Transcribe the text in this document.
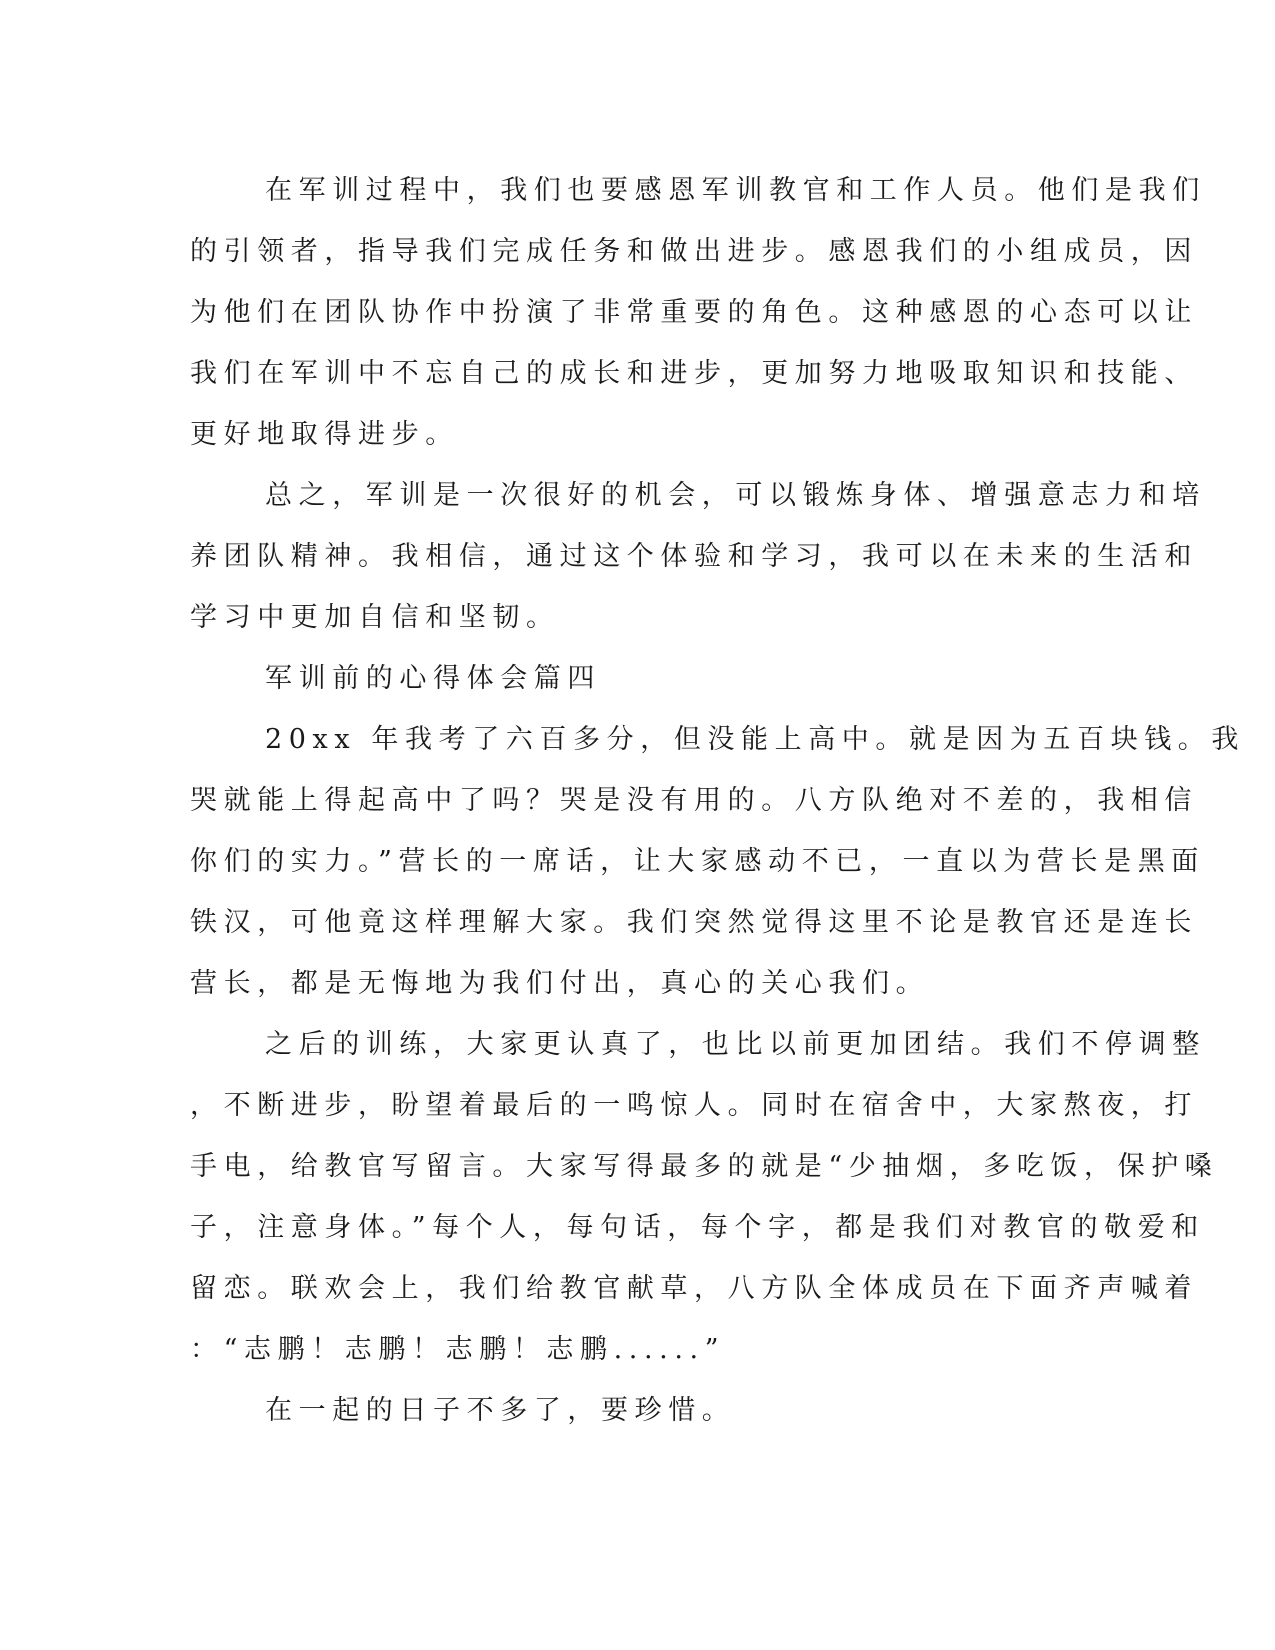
在军训过程中，我们也要感恩军训教官和工作人员。他们是我们
的引领者，指导我们完成任务和做出进步。感恩我们的小组成员，因
为他们在团队协作中扮演了非常重要的角色。这种感恩的心态可以让
我们在军训中不忘自己的成长和进步，更加努力地吸取知识和技能、
更好地取得进步。

总之，军训是一次很好的机会，可以锻炼身体、增强意志力和培
养团队精神。我相信，通过这个体验和学习，我可以在未来的生活和
学习中更加自信和坚韧。

军训前的心得体会篇四

20xx 年我考了六百多分，但没能上高中。就是因为五百块钱。我
哭就能上得起高中了吗？哭是没有用的。八方队绝对不差的，我相信
你们的实力。”营长的一席话，让大家感动不已，一直以为营长是黑面
铁汉，可他竟这样理解大家。我们突然觉得这里不论是教官还是连长
营长，都是无悔地为我们付出，真心的关心我们。

之后的训练，大家更认真了，也比以前更加团结。我们不停调整
，不断进步，盼望着最后的一鸣惊人。同时在宿舍中，大家熬夜，打
手电，给教官写留言。大家写得最多的就是“少抽烟，多吃饭，保护嗓
子，注意身体。”每个人，每句话，每个字，都是我们对教官的敬爱和
留恋。联欢会上，我们给教官献草，八方队全体成员在下面齐声喊着
：“志鹏！志鹏！志鹏！志鹏......”

在一起的日子不多了，要珍惜。
